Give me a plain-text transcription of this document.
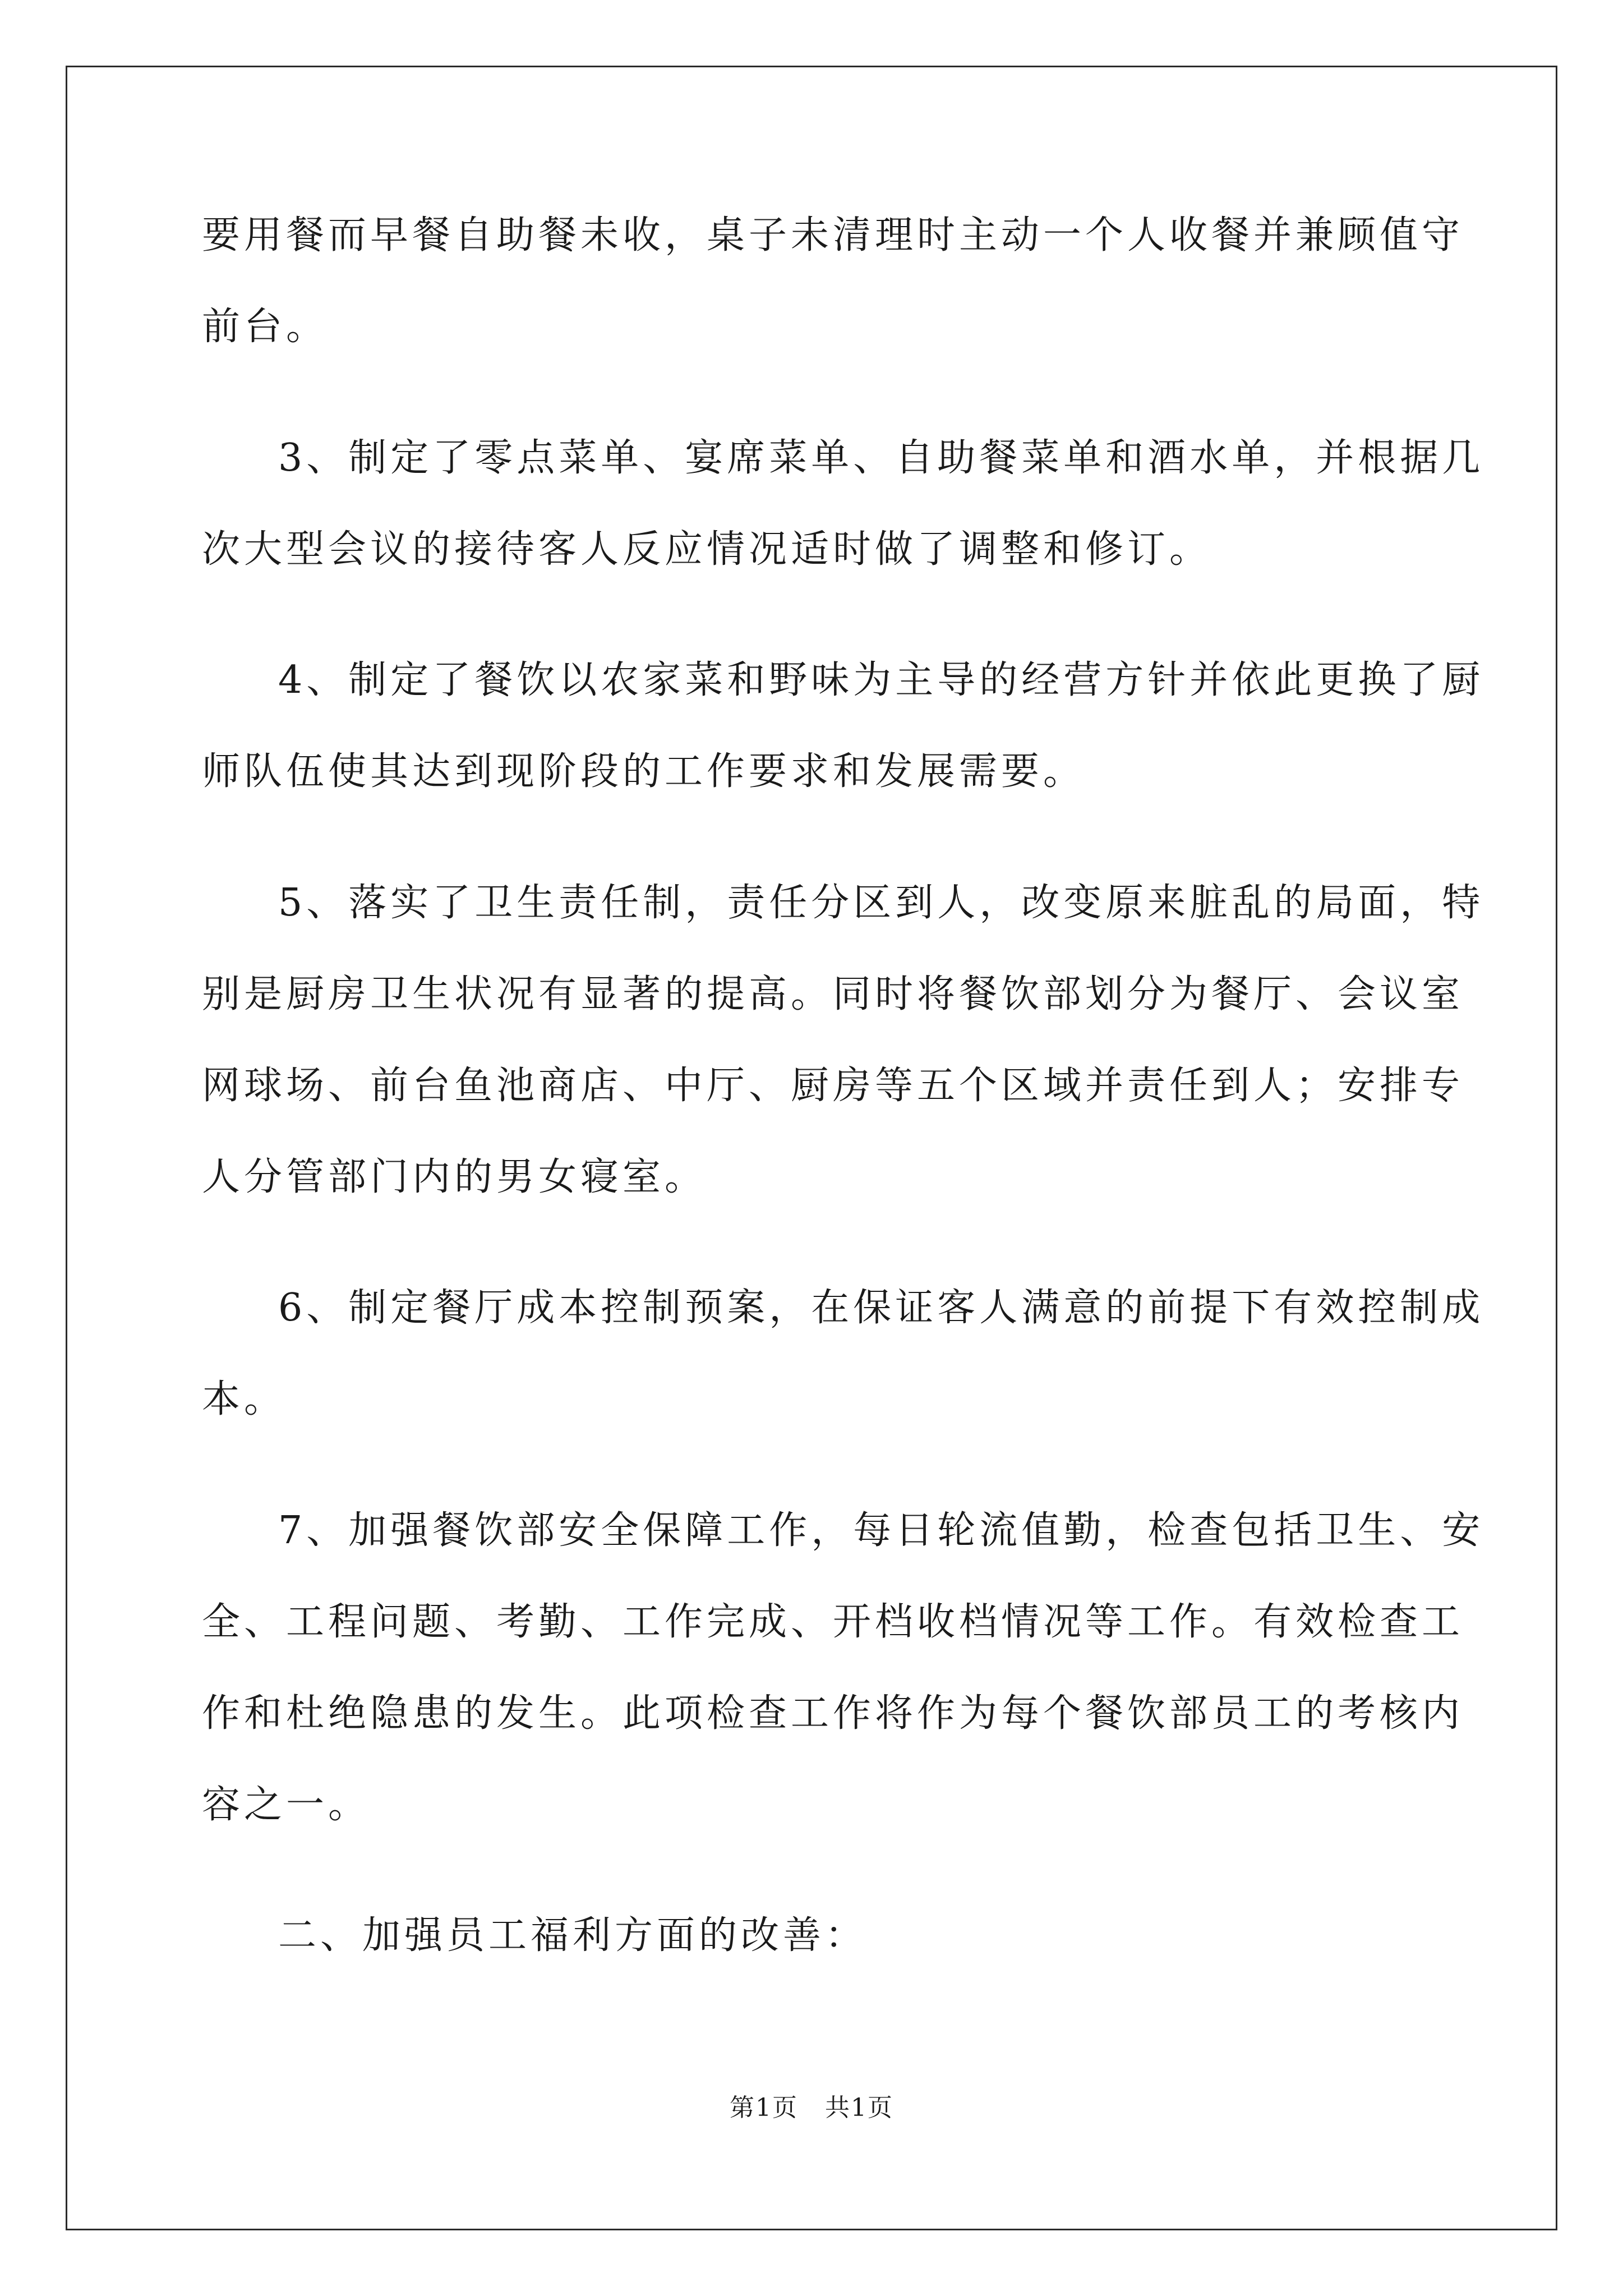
要用餐而早餐自助餐未收，桌子未清理时主动一个人收餐并兼顾值守
前台。
3、制定了零点菜单、宴席菜单、自助餐菜单和酒水单，并根据几
次大型会议的接待客人反应情况适时做了调整和修订。
4、制定了餐饮以农家菜和野味为主导的经营方针并依此更换了厨
师队伍使其达到现阶段的工作要求和发展需要。
5、落实了卫生责任制，责任分区到人，改变原来脏乱的局面，特
别是厨房卫生状况有显著的提高。同时将餐饮部划分为餐厅、会议室
网球场、前台鱼池商店、中厅、厨房等五个区域并责任到人；安排专
人分管部门内的男女寝室。
6、制定餐厅成本控制预案，在保证客人满意的前提下有效控制成
本。
7、加强餐饮部安全保障工作，每日轮流值勤，检查包括卫生、安
全、工程问题、考勤、工作完成、开档收档情况等工作。有效检查工
作和杜绝隐患的发生。此项检查工作将作为每个餐饮部员工的考核内
容之一。
二、加强员工福利方面的改善：
第1页 共1页
